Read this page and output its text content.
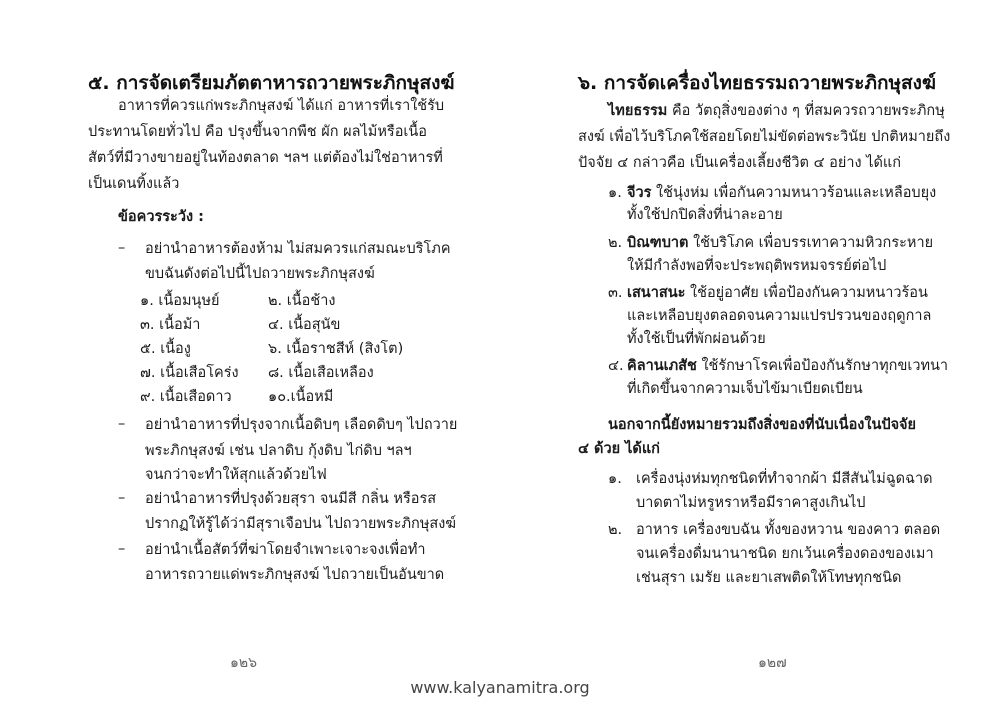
๕. การจัดเตรียมภัตตาหารถวายพระภิกษุสงฆ์
อาหารที่ควรแก่พระภิกษุสงฆ์ ได้แก่ อาหารที่เราใช้รับ
ประทานโดยทั่วไป คือ ปรุงขึ้นจากพืช ผัก ผลไม้หรือเนื้อ
สัตว์ที่มีวางขายอยู่ในท้องตลาด ฯลฯ แต่ต้องไม่ใช่อาหารที่
เป็นเดนทิ้งแล้ว
ข้อควรระวัง :
– อย่านำอาหารต้องห้าม ไม่สมควรแก่สมณะบริโภค
ขบฉันดังต่อไปนี้ไปถวายพระภิกษุสงฆ์
๑. เนื้อมนุษย์	๒. เนื้อช้าง
๓. เนื้อม้า	๔. เนื้อสุนัข
๕. เนื้องู	๖. เนื้อราชสีห์ (สิงโต)
๗. เนื้อเสือโคร่ง	๘. เนื้อเสือเหลือง
๙. เนื้อเสือดาว	๑๐.เนื้อหมี
– อย่านำอาหารที่ปรุงจากเนื้อดิบๆ เลือดดิบๆ ไปถวาย
พระภิกษุสงฆ์ เช่น ปลาดิบ กุ้งดิบ ไก่ดิบ ฯลฯ
จนกว่าจะทำให้สุกแล้วด้วยไฟ
– อย่านำอาหารที่ปรุงด้วยสุรา จนมีสี กลิ่น หรือรส
ปรากฏให้รู้ได้ว่ามีสุราเจือปน ไปถวายพระภิกษุสงฆ์
– อย่านำเนื้อสัตว์ที่ฆ่าโดยจำเพาะเจาะจงเพื่อทำ
อาหารถวายแด่พระภิกษุสงฆ์ ไปถวายเป็นอันขาด
๑๒๖
๖. การจัดเครื่องไทยธรรมถวายพระภิกษุสงฆ์
ไทยธรรม คือ วัตถุสิ่งของต่าง ๆ ที่สมควรถวายพระภิกษุ
สงฆ์ เพื่อไว้บริโภคใช้สอยโดยไม่ขัดต่อพระวินัย ปกติหมายถึง
ปัจจัย ๔ กล่าวคือ เป็นเครื่องเลี้ยงชีวิต ๔ อย่าง ได้แก่
๑. จีวร ใช้นุ่งห่ม เพื่อกันความหนาวร้อนและเหลือบยุง
ทั้งใช้ปกปิดสิ่งที่น่าละอาย
๒. บิณฑบาต ใช้บริโภค เพื่อบรรเทาความหิวกระหาย
ให้มีกำลังพอที่จะประพฤติพรหมจรรย์ต่อไป
๓. เสนาสนะ ใช้อยู่อาศัย เพื่อป้องกันความหนาวร้อน
และเหลือบยุงตลอดจนความแปรปรวนของฤดูกาล
ทั้งใช้เป็นที่พักผ่อนด้วย
๔. คิลานเภสัช ใช้รักษาโรคเพื่อป้องกันรักษาทุกขเวทนา
ที่เกิดขึ้นจากความเจ็บไข้มาเบียดเบียน
นอกจากนี้ยังหมายรวมถึงสิ่งของที่นับเนื่องในปัจจัย
๔ ด้วย ได้แก่
๑. เครื่องนุ่งห่มทุกชนิดที่ทำจากผ้า มีสีสันไม่ฉูดฉาด
บาดตาไม่หรูหราหรือมีราคาสูงเกินไป
๒. อาหาร เครื่องขบฉัน ทั้งของหวาน ของคาว ตลอด
จนเครื่องดื่มนานาชนิด ยกเว้นเครื่องดองของเมา
เช่นสุรา เมรัย และยาเสพติดให้โทษทุกชนิด
๑๒๗
www.kalyanamitra.org
